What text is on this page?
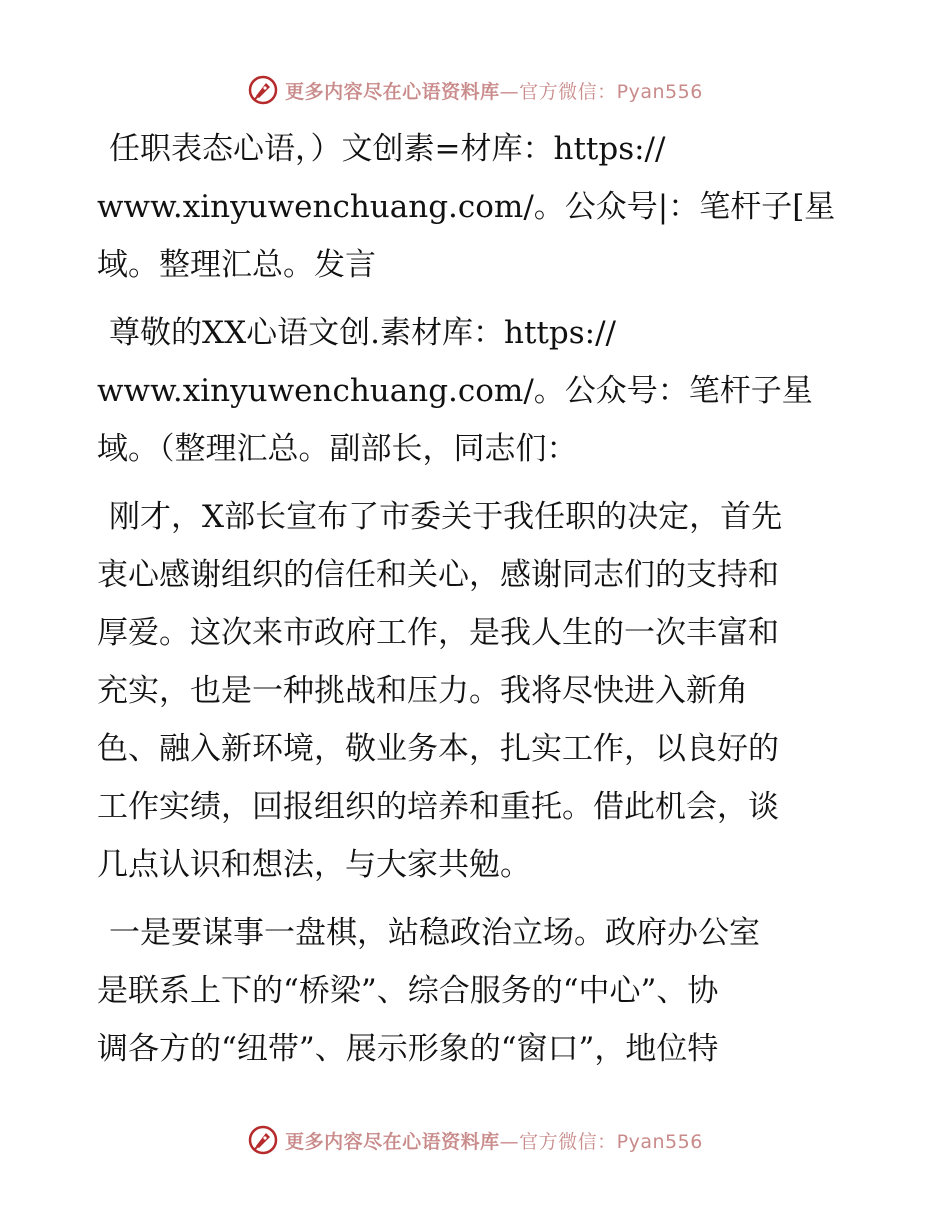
更多内容尽在心语资料库—官方微信：Pyan556

任职表态心语，）文创素=材库：https://
www.xinyuwenchuang.com/。公众号|：笔杆子[星
域。整理汇总。发言

尊敬的XX心语文创.素材库：https://
www.xinyuwenchuang.com/。公众号：笔杆子星
域。（整理汇总。副部长，同志们：

刚才，X部长宣布了市委关于我任职的决定，首先
衷心感谢组织的信任和关心，感谢同志们的支持和
厚爱。这次来市政府工作，是我人生的一次丰富和
充实，也是一种挑战和压力。我将尽快进入新角
色、融入新环境，敬业务本，扎实工作，以良好的
工作实绩，回报组织的培养和重托。借此机会，谈
几点认识和想法，与大家共勉。

一是要谋事一盘棋，站稳政治立场。政府办公室
是联系上下的“桥梁”、综合服务的“中心”、协
调各方的“纽带”、展示形象的“窗口”，地位特

更多内容尽在心语资料库—官方微信：Pyan556
